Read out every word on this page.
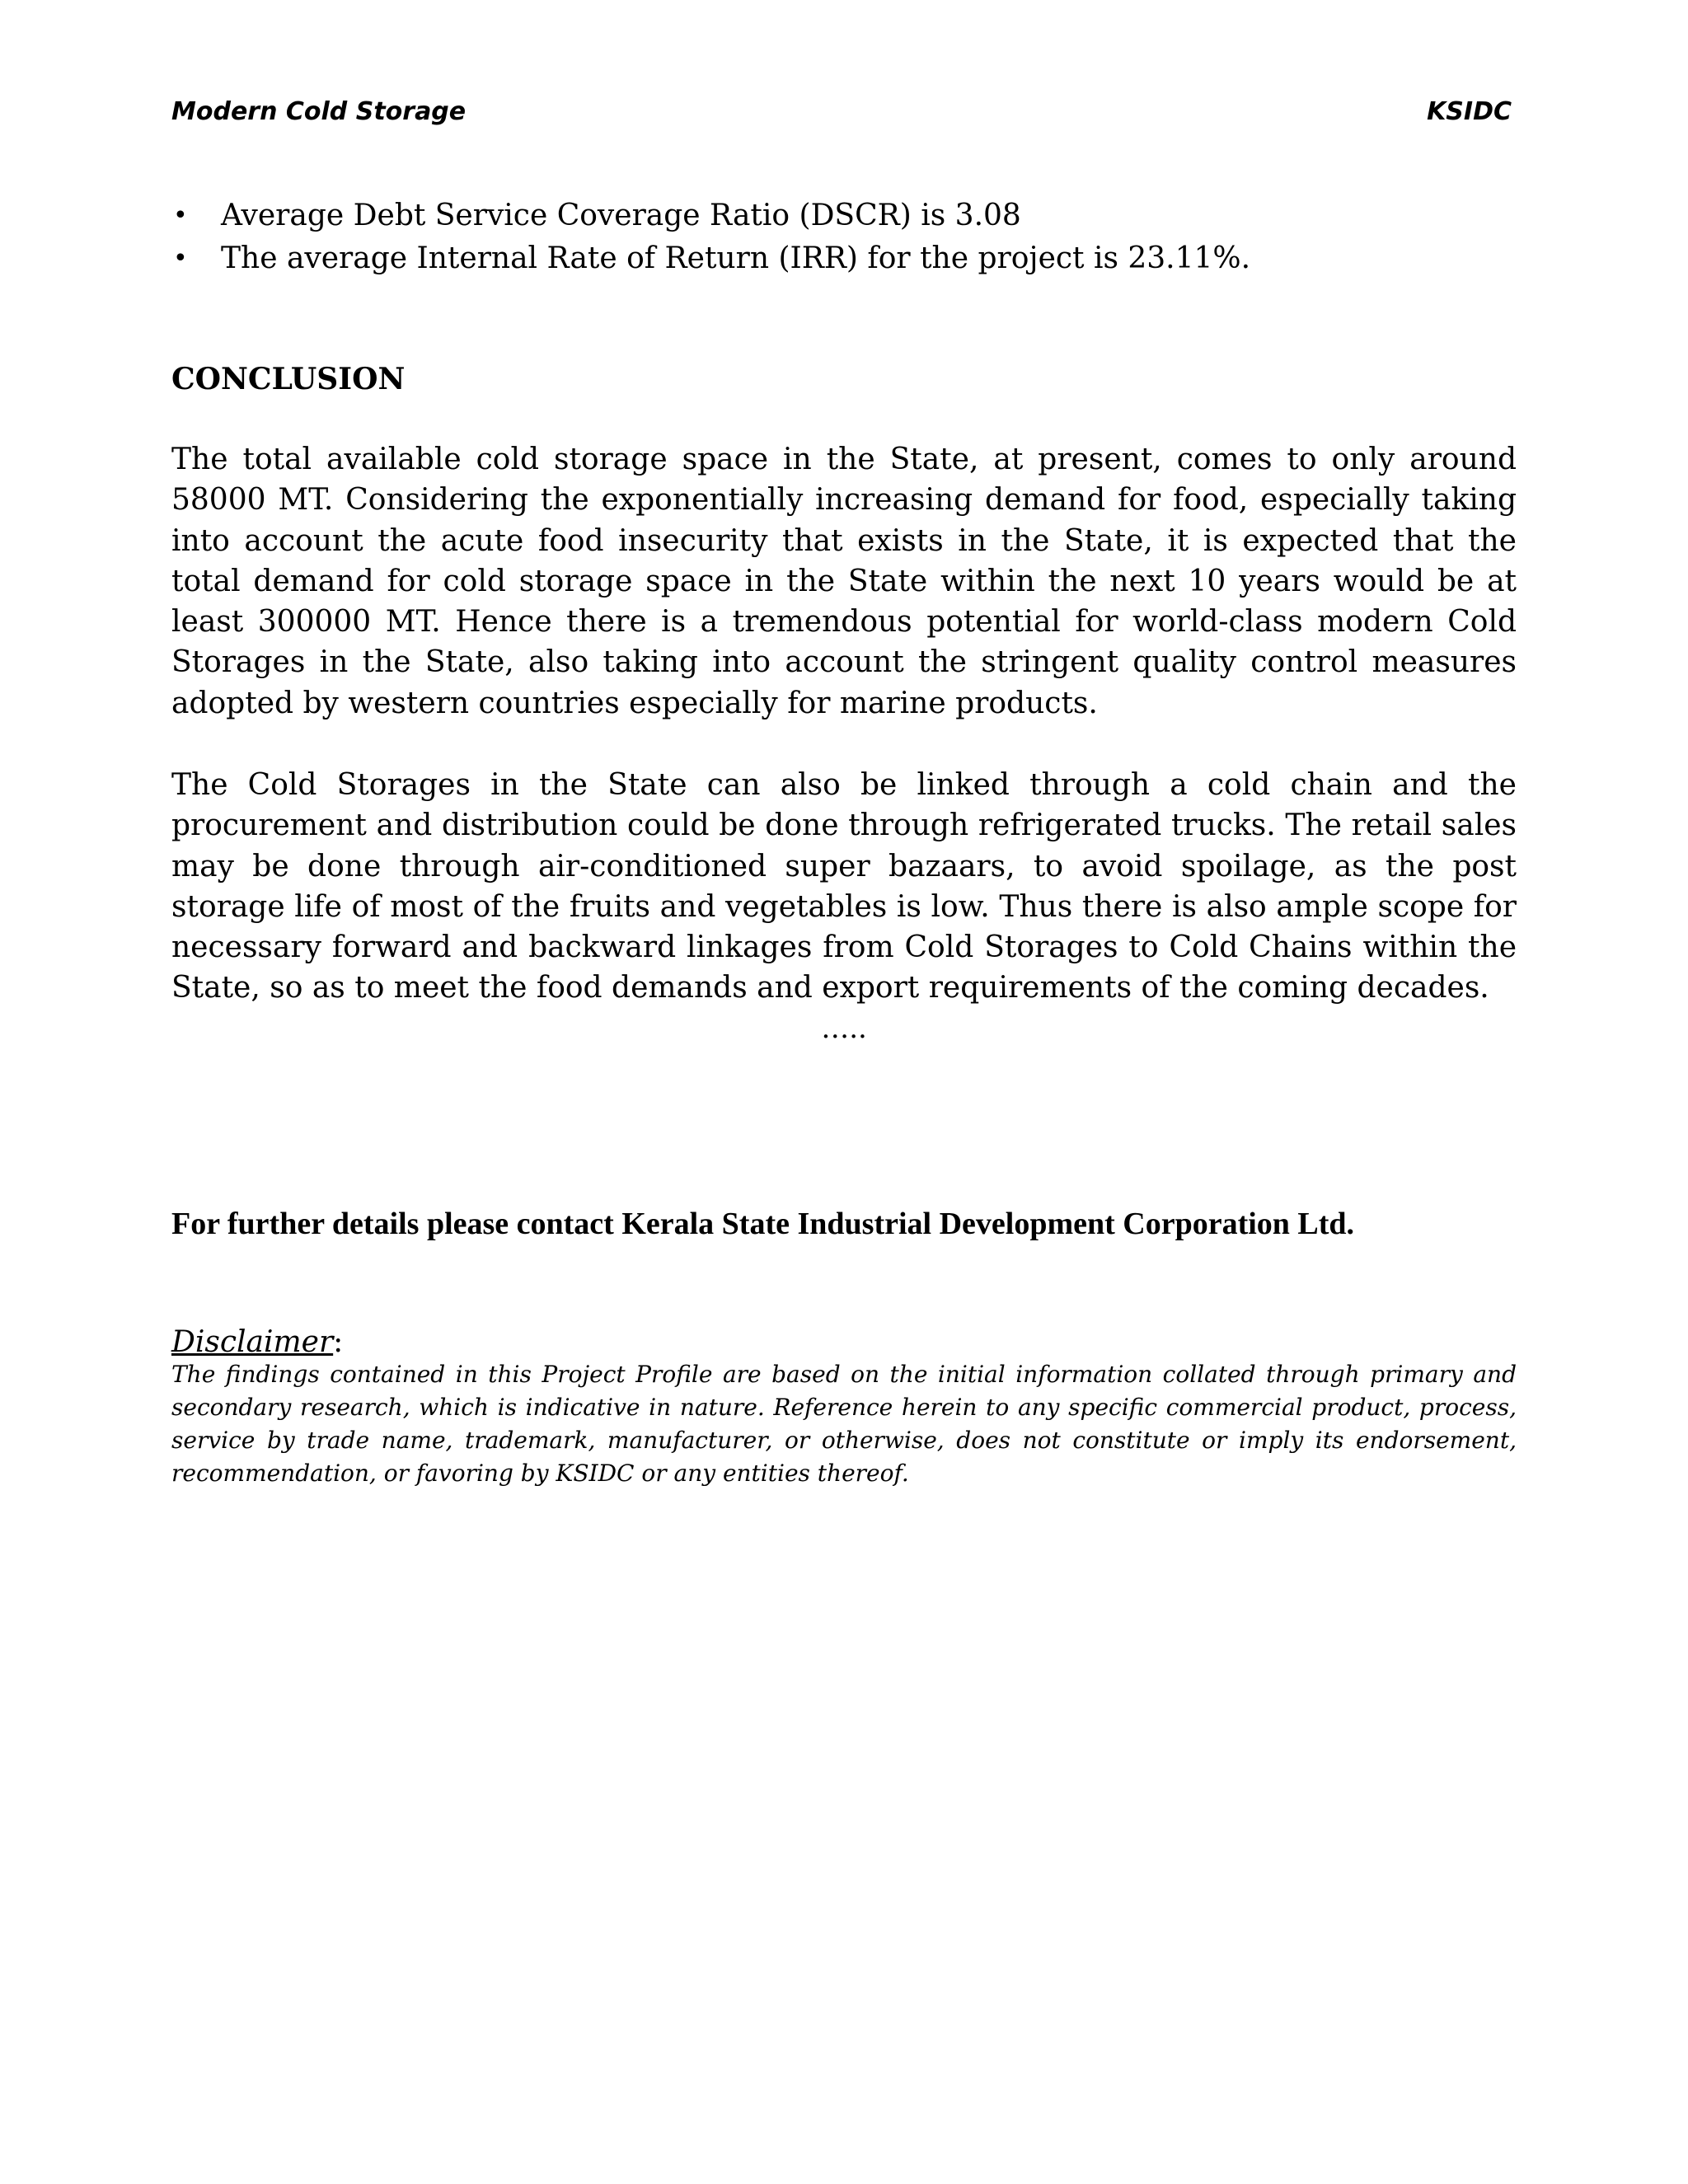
Modern Cold Storage	KSIDC
• Average Debt Service Coverage Ratio (DSCR) is 3.08
• The average Internal Rate of Return (IRR) for the project is 23.11%.
CONCLUSION

The total available cold storage space in the State, at present, comes to only around 58000 MT. Considering the exponentially increasing demand for food, especially taking into account the acute food insecurity that exists in the State, it is expected that the total demand for cold storage space in the State within the next 10 years would be at least 300000 MT. Hence there is a tremendous potential for world-class modern Cold Storages in the State, also taking into account the stringent quality control measures adopted by western countries especially for marine products.

The Cold Storages in the State can also be linked through a cold chain and the procurement and distribution could be done through refrigerated trucks. The retail sales may be done through air-conditioned super bazaars, to avoid spoilage, as the post storage life of most of the fruits and vegetables is low. Thus there is also ample scope for necessary forward and backward linkages from Cold Storages to Cold Chains within the State, so as to meet the food demands and export requirements of the coming decades.

…..

For further details please contact Kerala State Industrial Development Corporation Ltd.

Disclaimer:

The findings contained in this Project Profile are based on the initial information collated through primary and secondary research, which is indicative in nature. Reference herein to any specific commercial product, process, service by trade name, trademark, manufacturer, or otherwise, does not constitute or imply its endorsement, recommendation, or favoring by KSIDC or any entities thereof.
